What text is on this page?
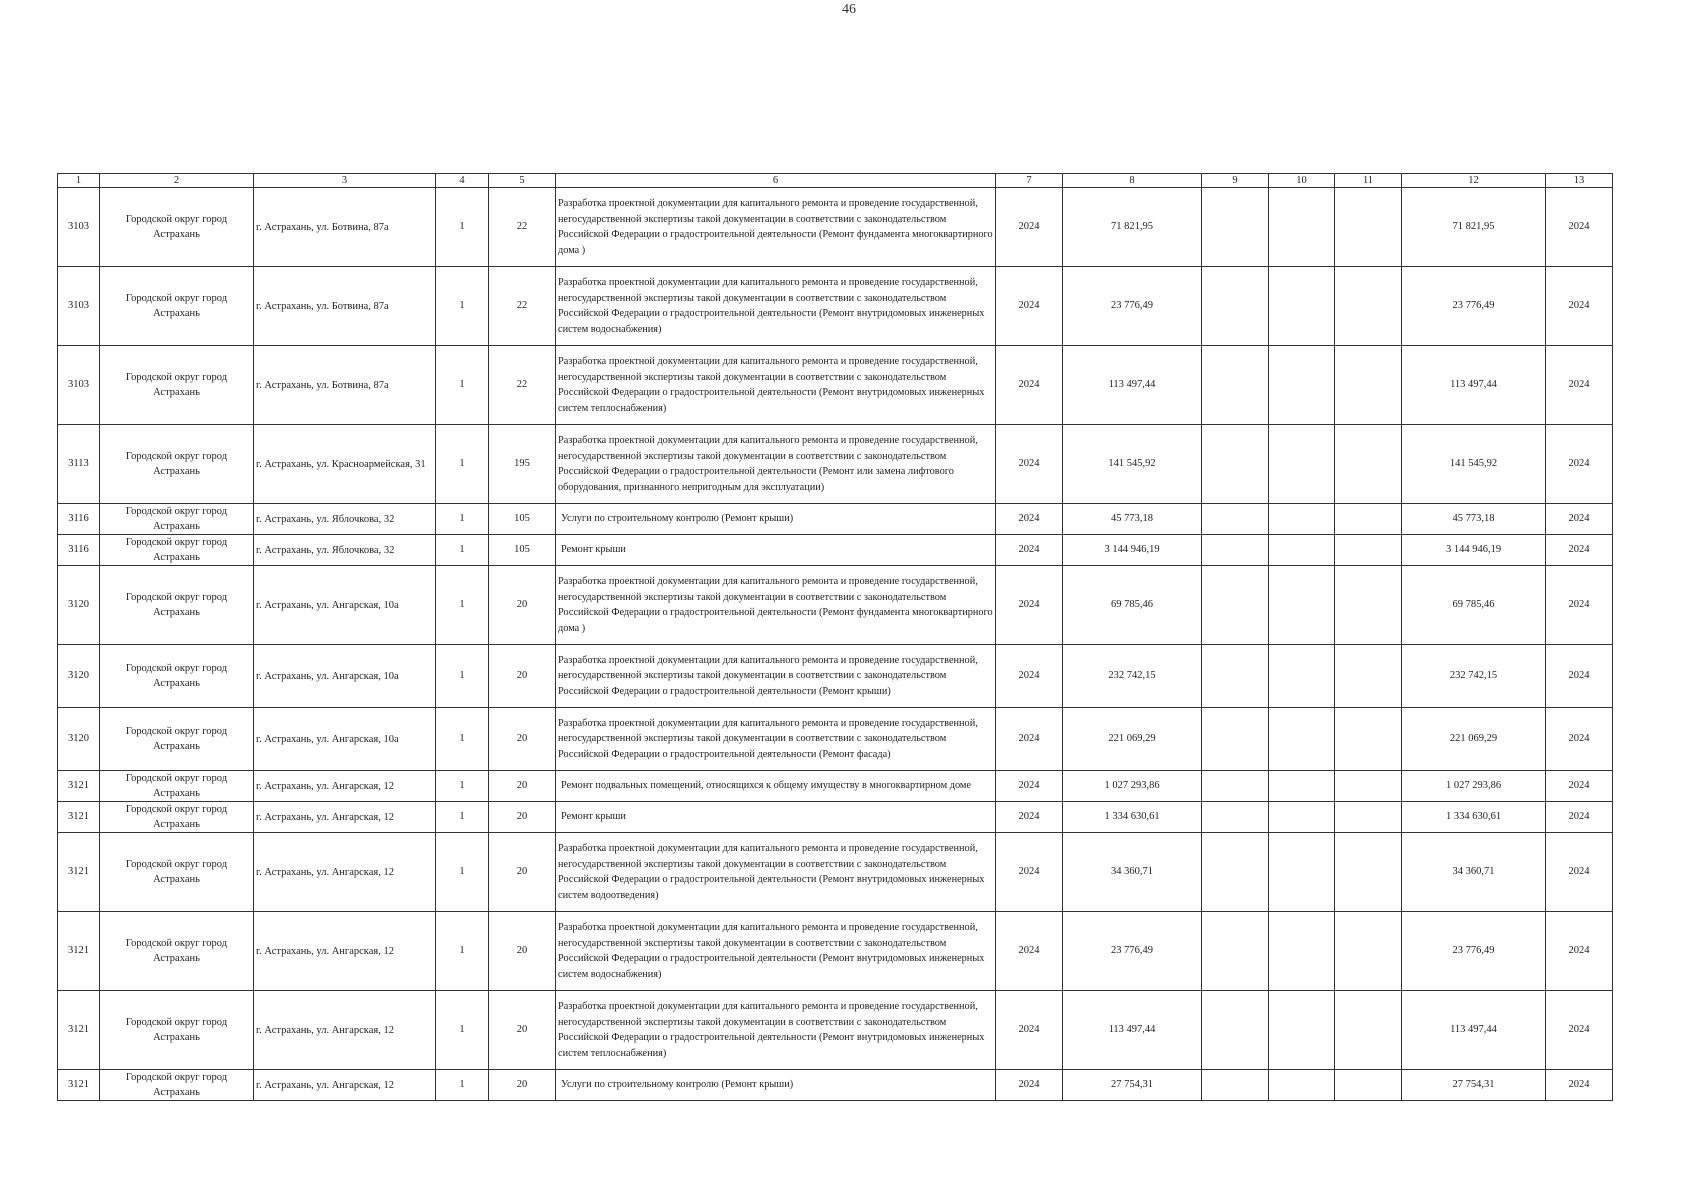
46
1	2	3	4	5	6	7	8	9	10	11	12	13
3103	Городской округ город Астрахань	г. Астрахань, ул. Ботвина, 87а	1	22	Разработка проектной документации для капитального ремонта и проведение государственной, негосударственной экспертизы такой документации в соответствии с законодательством Российской Федерации о градостроительной деятельности (Ремонт фундамента многоквартирного дома )	2024	71 821,95				71 821,95	2024
3103	Городской округ город Астрахань	г. Астрахань, ул. Ботвина, 87а	1	22	Разработка проектной документации для капитального ремонта и проведение государственной, негосударственной экспертизы такой документации в соответствии с законодательством Российской Федерации о градостроительной деятельности (Ремонт внутридомовых инженерных систем водоснабжения)	2024	23 776,49				23 776,49	2024
3103	Городской округ город Астрахань	г. Астрахань, ул. Ботвина, 87а	1	22	Разработка проектной документации для капитального ремонта и проведение государственной, негосударственной экспертизы такой документации в соответствии с законодательством Российской Федерации о градостроительной деятельности (Ремонт внутридомовых инженерных систем теплоснабжения)	2024	113 497,44				113 497,44	2024
3113	Городской округ город Астрахань	г. Астрахань, ул. Красноармейская, 31	1	195	Разработка проектной документации для капитального ремонта и проведение государственной, негосударственной экспертизы такой документации в соответствии с законодательством Российской Федерации о градостроительной деятельности (Ремонт или замена лифтового оборудования, признанного непригодным для эксплуатации)	2024	141 545,92				141 545,92	2024
3116	Городской округ город Астрахань	г. Астрахань, ул. Яблочкова, 32	1	105	Услуги по строительному контролю (Ремонт крыши)	2024	45 773,18				45 773,18	2024
3116	Городской округ город Астрахань	г. Астрахань, ул. Яблочкова, 32	1	105	Ремонт крыши	2024	3 144 946,19				3 144 946,19	2024
3120	Городской округ город Астрахань	г. Астрахань, ул. Ангарская, 10а	1	20	Разработка проектной документации для капитального ремонта и проведение государственной, негосударственной экспертизы такой документации в соответствии с законодательством Российской Федерации о градостроительной деятельности (Ремонт фундамента многоквартирного дома )	2024	69 785,46				69 785,46	2024
3120	Городской округ город Астрахань	г. Астрахань, ул. Ангарская, 10а	1	20	Разработка проектной документации для капитального ремонта и проведение государственной, негосударственной экспертизы такой документации в соответствии с законодательством Российской Федерации о градостроительной деятельности (Ремонт крыши)	2024	232 742,15				232 742,15	2024
3120	Городской округ город Астрахань	г. Астрахань, ул. Ангарская, 10а	1	20	Разработка проектной документации для капитального ремонта и проведение государственной, негосударственной экспертизы такой документации в соответствии с законодательством Российской Федерации о градостроительной деятельности (Ремонт фасада)	2024	221 069,29				221 069,29	2024
3121	Городской округ город Астрахань	г. Астрахань, ул. Ангарская, 12	1	20	Ремонт подвальных помещений, относящихся к общему имуществу в многоквартирном доме	2024	1 027 293,86				1 027 293,86	2024
3121	Городской округ город Астрахань	г. Астрахань, ул. Ангарская, 12	1	20	Ремонт крыши	2024	1 334 630,61				1 334 630,61	2024
3121	Городской округ город Астрахань	г. Астрахань, ул. Ангарская, 12	1	20	Разработка проектной документации для капитального ремонта и проведение государственной, негосударственной экспертизы такой документации в соответствии с законодательством Российской Федерации о градостроительной деятельности (Ремонт внутридомовых инженерных систем водоотведения)	2024	34 360,71				34 360,71	2024
3121	Городской округ город Астрахань	г. Астрахань, ул. Ангарская, 12	1	20	Разработка проектной документации для капитального ремонта и проведение государственной, негосударственной экспертизы такой документации в соответствии с законодательством Российской Федерации о градостроительной деятельности (Ремонт внутридомовых инженерных систем водоснабжения)	2024	23 776,49				23 776,49	2024
3121	Городской округ город Астрахань	г. Астрахань, ул. Ангарская, 12	1	20	Разработка проектной документации для капитального ремонта и проведение государственной, негосударственной экспертизы такой документации в соответствии с законодательством Российской Федерации о градостроительной деятельности (Ремонт внутридомовых инженерных систем теплоснабжения)	2024	113 497,44				113 497,44	2024
3121	Городской округ город Астрахань	г. Астрахань, ул. Ангарская, 12	1	20	Услуги по строительному контролю (Ремонт крыши)	2024	27 754,31				27 754,31	2024
